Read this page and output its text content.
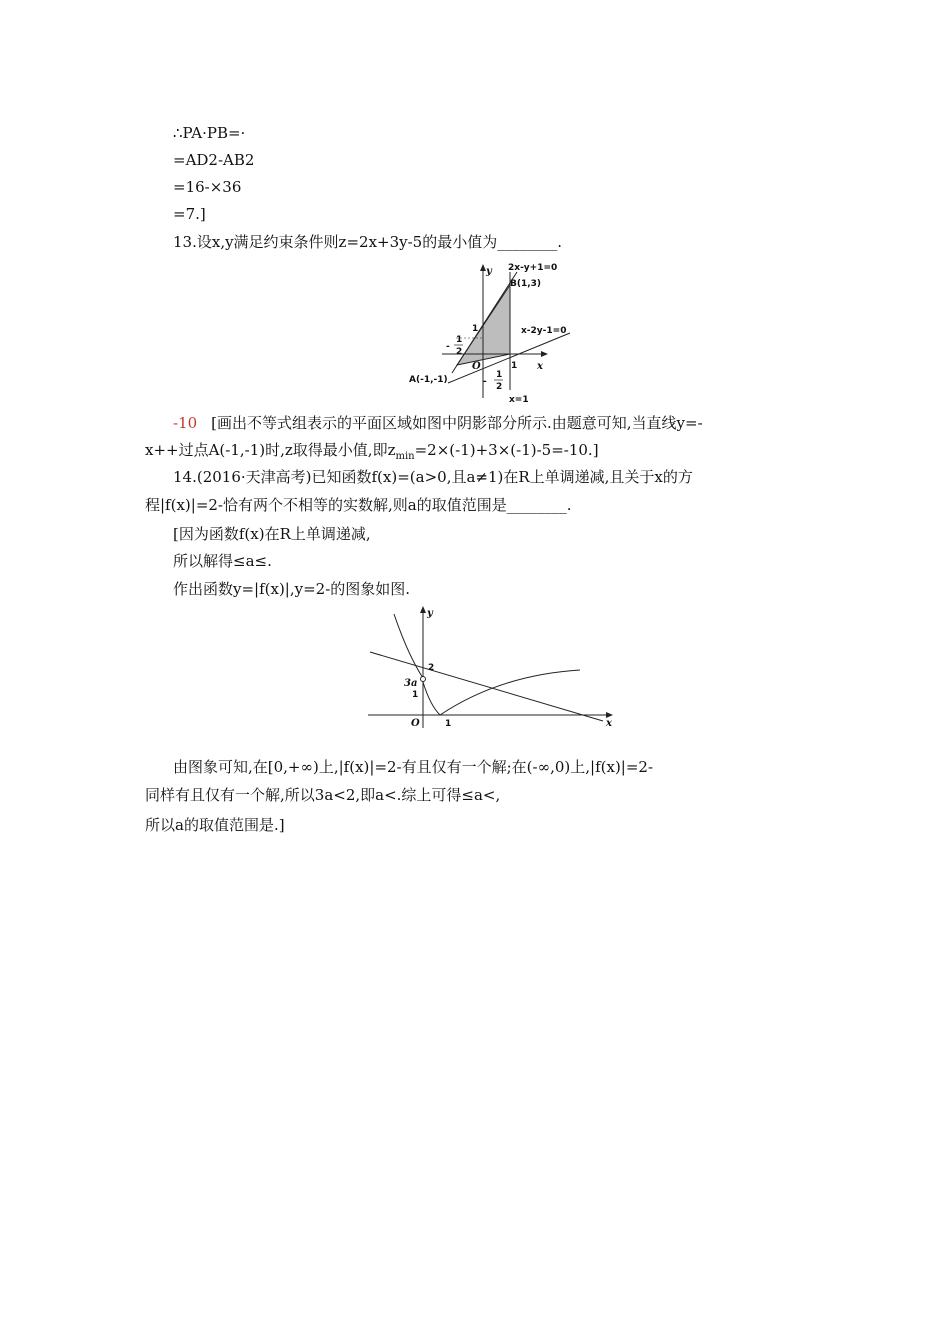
∴PA·PB=·
=AD2-AB2
=16-×36
=7.]
13.设x,y满足约束条件则z=2x+3y-5的最小值为________.
2x-y+1=0
B(1,3)
x-2y-1=0
y
x
1
-
1
2
O
A(-1,-1)
1
-
1
2
x=1
-10 [画出不等式组表示的平面区域如图中阴影部分所示.由题意可知,当直线y=-
x++过点A(-1,-1)时,z取得最小值,即$z_{min}=2\times(-1)+3\times(-1)-5=-10$.]
14.(2016·天津高考)已知函数f(x)=(a>0,且a≠1)在R上单调递减,且关于x的方
程|f(x)|=2-恰有两个不相等的实数解,则a的取值范围是________.
[因为函数f(x)在R上单调递减,
所以解得≤a≤.
作出函数y=|f(x)|,y=2-的图象如图.
y
x
2
3a
1
O	1
由图象可知,在[0,+∞)上,|f(x)|=2-有且仅有一个解;在(-∞,0)上,|f(x)|=2-
同样有且仅有一个解,所以3a<2,即a<.综上可得≤a<,
所以a的取值范围是.]
